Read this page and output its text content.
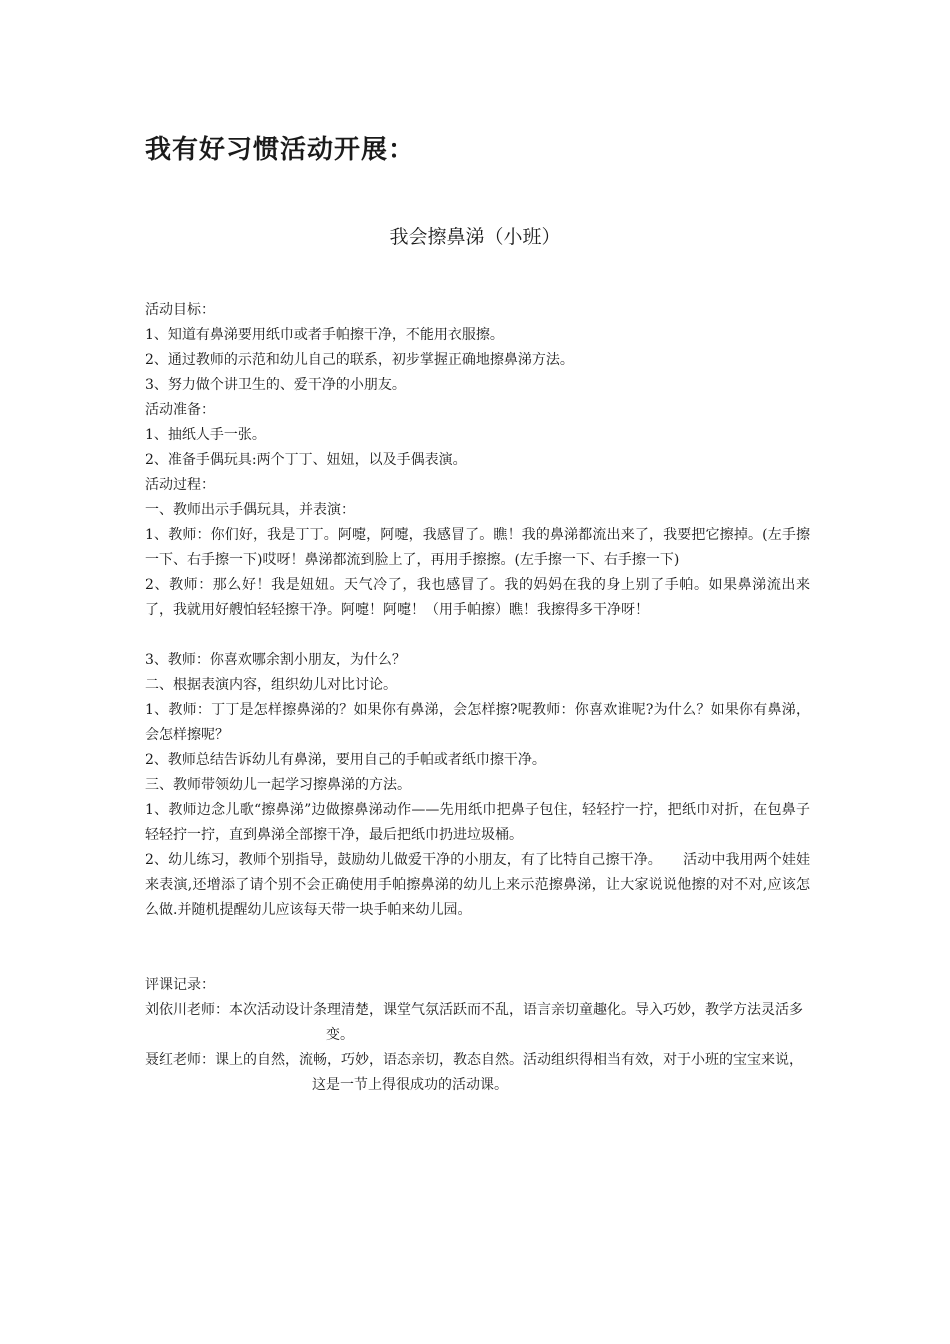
我有好习惯活动开展：
我会擦鼻涕（小班）

活动目标：

1、知道有鼻涕要用纸巾或者手帕擦干净，不能用衣服擦。

2、通过教师的示范和幼儿自己的联系，初步掌握正确地擦鼻涕方法。

3、努力做个讲卫生的、爱干净的小朋友。

活动准备：

1、抽纸人手一张。

2、准备手偶玩具:两个丁丁、妞妞，以及手偶表演。

活动过程：

一、教师出示手偶玩具，并表演：

1、教师：你们好，我是丁丁。阿嚏，阿嚏，我感冒了。瞧！我的鼻涕都流出来了，我要把它擦掉。(左手擦一下、右手擦一下)哎呀！鼻涕都流到脸上了，再用手擦擦。(左手擦一下、右手擦一下)

2、教师：那么好！我是妞妞。天气冷了，我也感冒了。我的妈妈在我的身上别了手帕。如果鼻涕流出来了，我就用好艘怕轻轻擦干净。阿嚏！阿嚏！（用手帕擦）瞧！我擦得多干净呀！

3、教师：你喜欢哪余割小朋友，为什么？

二、根据表演内容，组织幼儿对比讨论。

1、教师：丁丁是怎样擦鼻涕的？如果你有鼻涕，会怎样擦?呢教师：你喜欢谁呢?为什么？如果你有鼻涕，会怎样擦呢？

2、教师总结告诉幼儿有鼻涕，要用自己的手帕或者纸巾擦干净。

三、教师带领幼儿一起学习擦鼻涕的方法。

1、教师边念儿歌“擦鼻涕”边做擦鼻涕动作——先用纸巾把鼻子包住，轻轻拧一拧，把纸巾对折，在包鼻子轻轻拧一拧，直到鼻涕全部擦干净，最后把纸巾扔进垃圾桶。

2、幼儿练习，教师个别指导，鼓励幼儿做爱干净的小朋友，有了比特自己擦干净。　　活动中我用两个娃娃来表演,还增添了请个别不会正确使用手帕擦鼻涕的幼儿上来示范擦鼻涕，让大家说说他擦的对不对,应该怎么做.并随机提醒幼儿应该每天带一块手帕来幼儿园。

评课记录：

刘依川老师： 本次活动设计条理清楚，课堂气氛活跃而不乱，语言亲切童趣化。导入巧妙，教学方法灵活多变。
聂红老师： 课上的自然，流畅，巧妙，语态亲切，教态自然。活动组织得相当有效，对于小班的宝宝来说，这是一节上得很成功的活动课。
